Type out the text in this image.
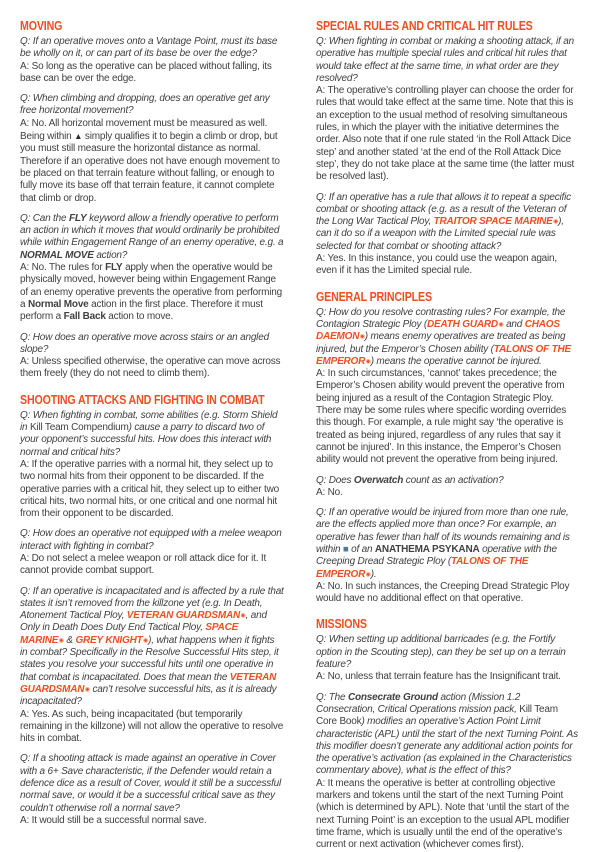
MOVING

Q: If an operative moves onto a Vantage Point, must its base be wholly on it, or can part of its base be over the edge?

A: So long as the operative can be placed without falling, its base can be over the edge.

Q: When climbing and dropping, does an operative get any free horizontal movement?

A: No. All horizontal movement must be measured as well. Being within ▲ simply qualifies it to begin a climb or drop, but you must still measure the horizontal distance as normal. Therefore if an operative does not have enough movement to be placed on that terrain feature without falling, or enough to fully move its base off that terrain feature, it cannot complete that climb or drop.

Q: Can the FLY keyword allow a friendly operative to perform an action in which it moves that would ordinarily be prohibited while within Engagement Range of an enemy operative, e.g. a NORMAL MOVE action?

A: No. The rules for FLY apply when the operative would be physically moved, however being within Engagement Range of an enemy operative prevents the operative from performing a Normal Move action in the first place. Therefore it must perform a Fall Back action to move.

Q: How does an operative move across stairs or an angled slope?

A: Unless specified otherwise, the operative can move across them freely (they do not need to climb them).

SHOOTING ATTACKS AND FIGHTING IN COMBAT

Q: When fighting in combat, some abilities (e.g. Storm Shield in Kill Team Compendium) cause a parry to discard two of your opponent’s successful hits. How does this interact with normal and critical hits?

A: If the operative parries with a normal hit, they select up to two normal hits from their opponent to be discarded. If the operative parries with a critical hit, they select up to either two critical hits, two normal hits, or one critical and one normal hit from their opponent to be discarded.

Q: How does an operative not equipped with a melee weapon interact with fighting in combat?

A: Do not select a melee weapon or roll attack dice for it. It cannot provide combat support.

Q: If an operative is incapacitated and is affected by a rule that states it isn’t removed from the killzone yet (e.g. In Death, Atonement Tactical Ploy, VETERAN GUARDSMAN◉, and Only in Death Does Duty End Tactical Ploy, SPACE MARINE◉ & GREY KNIGHT◉), what happens when it fights in combat? Specifically in the Resolve Successful Hits step, it states you resolve your successful hits until one operative in that combat is incapacitated. Does that mean the VETERAN GUARDSMAN◉ can’t resolve successful hits, as it is already incapacitated?

A: Yes. As such, being incapacitated (but temporarily remaining in the killzone) will not allow the operative to resolve hits in combat.

Q: If a shooting attack is made against an operative in Cover with a 6+ Save characteristic, if the Defender would retain a defence dice as a result of Cover, would it still be a successful normal save, or would it be a successful critical save as they couldn’t otherwise roll a normal save?

A: It would still be a successful normal save.

SPECIAL RULES AND CRITICAL HIT RULES

Q: When fighting in combat or making a shooting attack, if an operative has multiple special rules and critical hit rules that would take effect at the same time, in what order are they resolved?

A: The operative’s controlling player can choose the order for rules that would take effect at the same time. Note that this is an exception to the usual method of resolving simultaneous rules, in which the player with the initiative determines the order. Also note that if one rule stated ‘in the Roll Attack Dice step’ and another stated ‘at the end of the Roll Attack Dice step’, they do not take place at the same time (the latter must be resolved last).

Q: If an operative has a rule that allows it to repeat a specific combat or shooting attack (e.g. as a result of the Veteran of the Long War Tactical Ploy, TRAITOR SPACE MARINE◉), can it do so if a weapon with the Limited special rule was selected for that combat or shooting attack?

A: Yes. In this instance, you could use the weapon again, even if it has the Limited special rule.

GENERAL PRINCIPLES

Q: How do you resolve contrasting rules? For example, the Contagion Strategic Ploy (DEATH GUARD◉ and CHAOS DAEMON◉) means enemy operatives are treated as being injured, but the Emperor’s Chosen ability (TALONS OF THE EMPEROR◉) means the operative cannot be injured.

A: In such circumstances, ‘cannot’ takes precedence; the Emperor’s Chosen ability would prevent the operative from being injured as a result of the Contagion Strategic Ploy. There may be some rules where specific wording overrides this though. For example, a rule might say ‘the operative is treated as being injured, regardless of any rules that say it cannot be injured’. In this instance, the Emperor’s Chosen ability would not prevent the operative from being injured.

Q: Does Overwatch count as an activation?

A: No.

Q: If an operative would be injured from more than one rule, are the effects applied more than once? For example, an operative has fewer than half of its wounds remaining and is within ■ of an ANATHEMA PSYKANA operative with the Creeping Dread Strategic Ploy (TALONS OF THE EMPEROR◉).

A: No. In such instances, the Creeping Dread Strategic Ploy would have no additional effect on that operative.

MISSIONS

Q: When setting up additional barricades (e.g. the Fortify option in the Scouting step), can they be set up on a terrain feature?

A: No, unless that terrain feature has the Insignificant trait.

Q: The Consecrate Ground action (Mission 1.2 Consecration, Critical Operations mission pack, Kill Team Core Book) modifies an operative’s Action Point Limit characteristic (APL) until the start of the next Turning Point. As this modifier doesn’t generate any additional action points for the operative’s activation (as explained in the Characteristics commentary above), what is the effect of this?

A: It means the operative is better at controlling objective markers and tokens until the start of the next Turning Point (which is determined by APL). Note that ‘until the start of the next Turning Point’ is an exception to the usual APL modifier time frame, which is usually until the end of the operative’s current or next activation (whichever comes first).
